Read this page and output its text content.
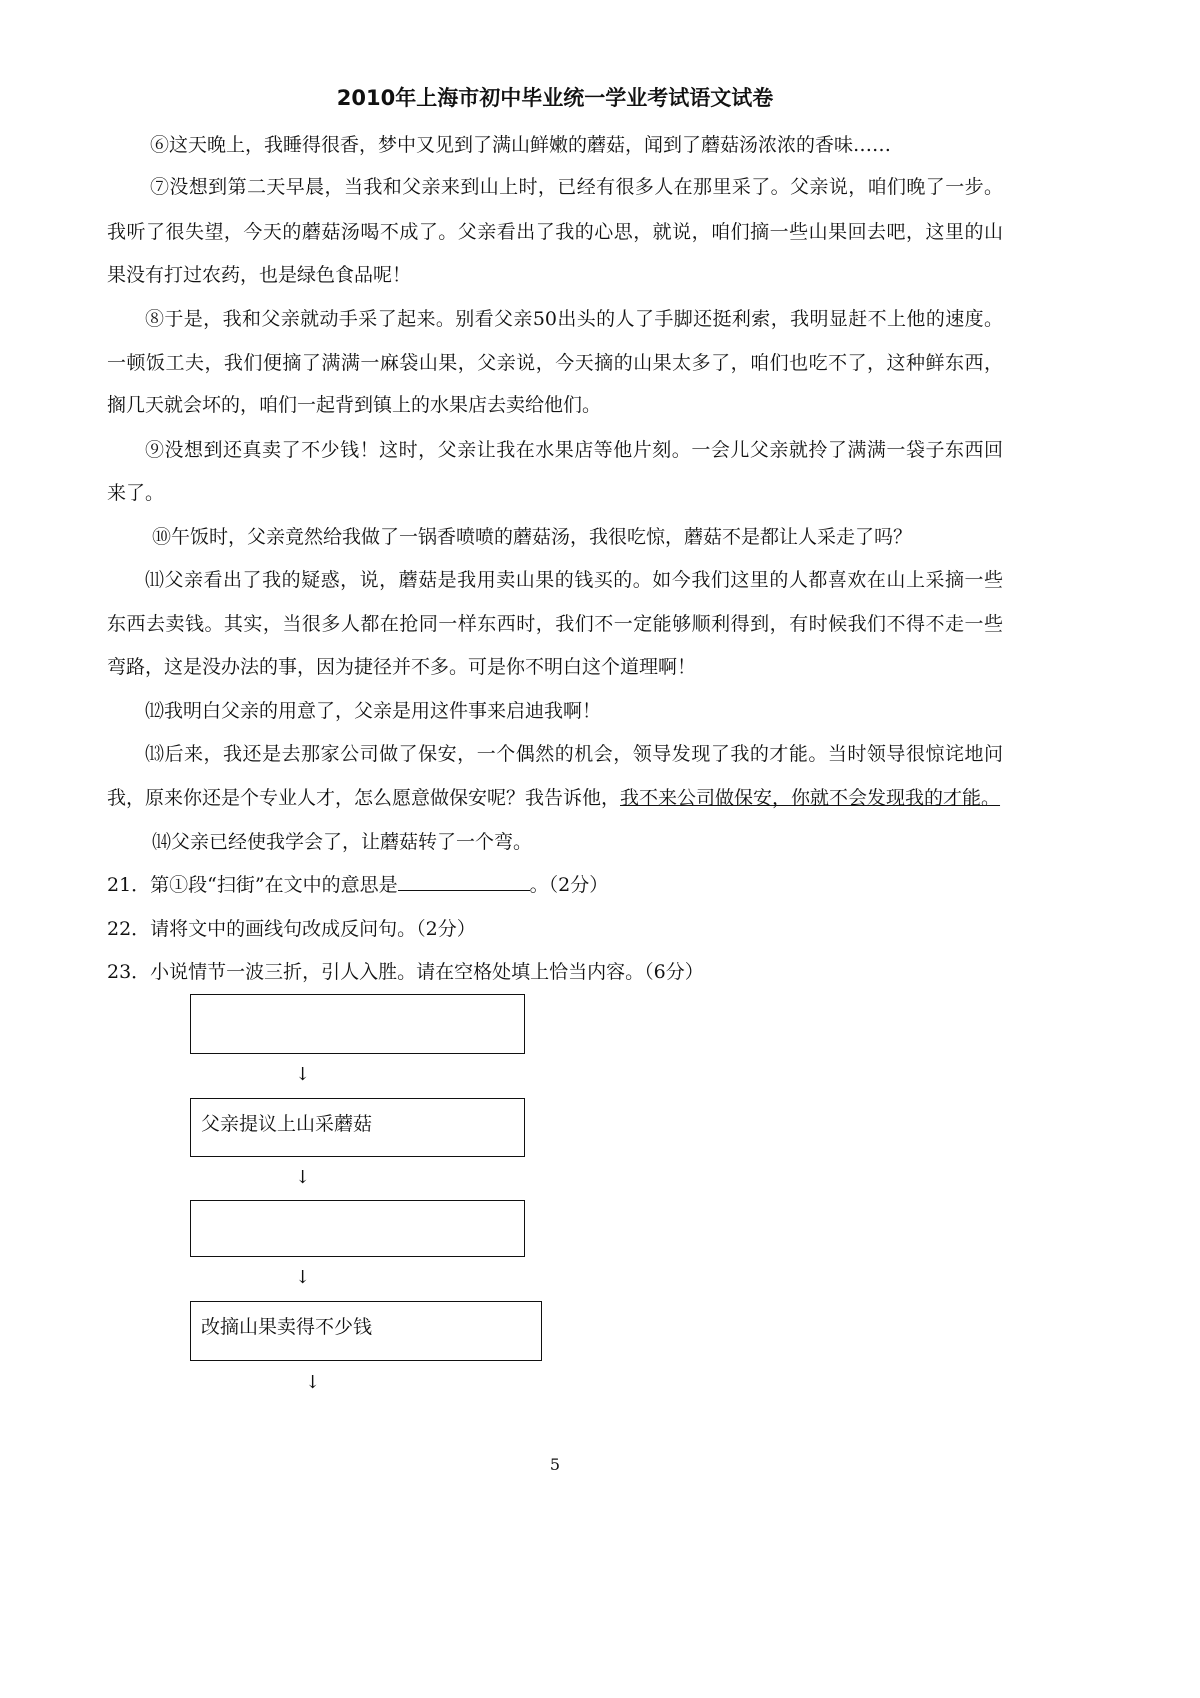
2010年上海市初中毕业统一学业考试语文试卷
⑥这天晚上，我睡得很香，梦中又见到了满山鲜嫩的蘑菇，闻到了蘑菇汤浓浓的香味……
⑦没想到第二天早晨，当我和父亲来到山上时，已经有很多人在那里采了。父亲说，咱们晚了一步。
我听了很失望，今天的蘑菇汤喝不成了。父亲看出了我的心思，就说，咱们摘一些山果回去吧，这里的山
果没有打过农药，也是绿色食品呢！
⑧于是，我和父亲就动手采了起来。别看父亲50出头的人了手脚还挺利索，我明显赶不上他的速度。
一顿饭工夫，我们便摘了满满一麻袋山果，父亲说，今天摘的山果太多了，咱们也吃不了，这种鲜东西，
搁几天就会坏的，咱们一起背到镇上的水果店去卖给他们。
⑨没想到还真卖了不少钱！这时，父亲让我在水果店等他片刻。一会儿父亲就拎了满满一袋子东西回
来了。
⑩午饭时，父亲竟然给我做了一锅香喷喷的蘑菇汤，我很吃惊，蘑菇不是都让人采走了吗？
⑾父亲看出了我的疑惑，说，蘑菇是我用卖山果的钱买的。如今我们这里的人都喜欢在山上采摘一些
东西去卖钱。其实，当很多人都在抢同一样东西时，我们不一定能够顺利得到，有时候我们不得不走一些
弯路，这是没办法的事，因为捷径并不多。可是你不明白这个道理啊！
⑿我明白父亲的用意了，父亲是用这件事来启迪我啊！
⒀后来，我还是去那家公司做了保安，一个偶然的机会，领导发现了我的才能。当时领导很惊诧地问
我，原来你还是个专业人才，怎么愿意做保安呢？我告诉他，我不来公司做保安，你就不会发现我的才能。
⒁父亲已经使我学会了，让蘑菇转了一个弯。
21．第①段“扫街”在文中的意思是	。（2分）
22．请将文中的画线句改成反问句。（2分）
23．小说情节一波三折，引人入胜。请在空格处填上恰当内容。（6分）
↓
父亲提议上山采蘑菇
↓
↓
改摘山果卖得不少钱
↓
5
